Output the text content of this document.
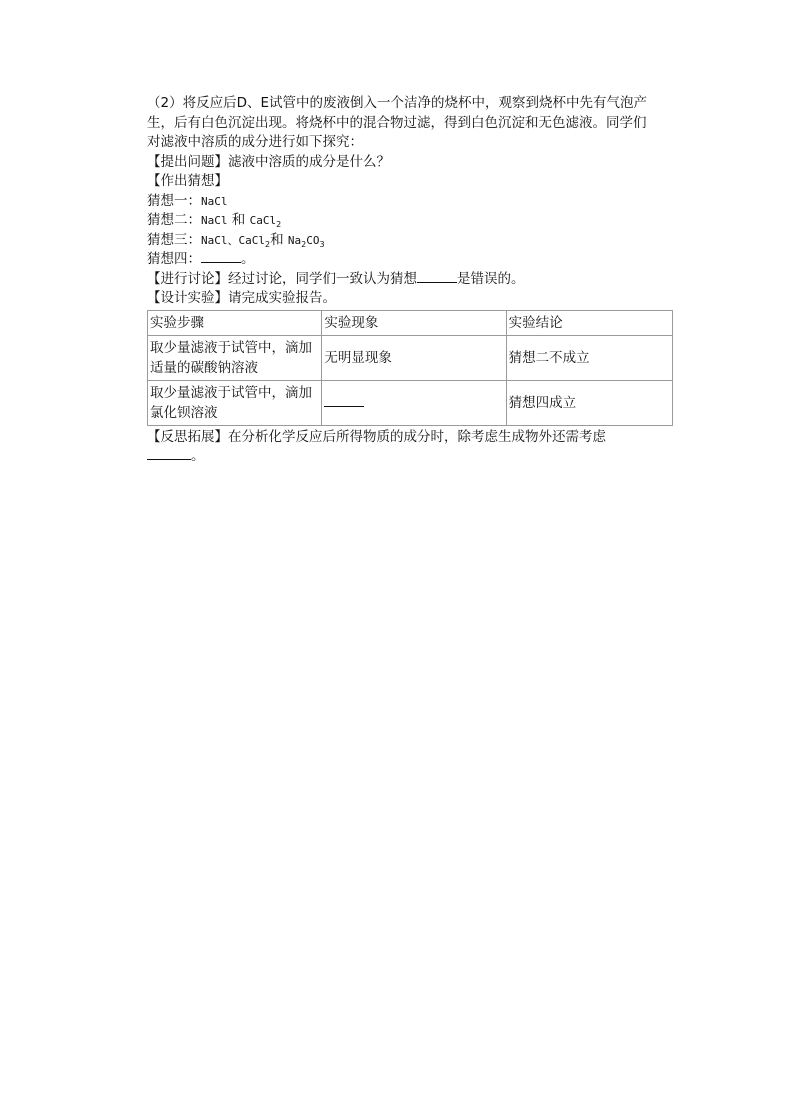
（2）将反应后D、E试管中的废液倒入一个洁净的烧杯中，观察到烧杯中先有气泡产

生，后有白色沉淀出现。将烧杯中的混合物过滤，得到白色沉淀和无色滤液。同学们

对滤液中溶质的成分进行如下探究：

【提出问题】滤液中溶质的成分是什么？

【作出猜想】

猜想一：NaCl

猜想二：NaCl 和 CaCl$_2$

猜想三：NaCl、CaCl$_2$和 $Na_2CO_3$

猜想四：	。

【进行讨论】经过讨论，同学们一致认为猜想	是错误的。

【设计实验】请完成实验报告。

实验步骤	实验现象	实验结论
取少量滤液于试管中，滴加适量的碳酸钠溶液	无明显现象	猜想二不成立
取少量滤液于试管中，滴加氯化钡溶液		猜想四成立

【反思拓展】在分析化学反应后所得物质的成分时，除考虑生成物外还需考虑

。
